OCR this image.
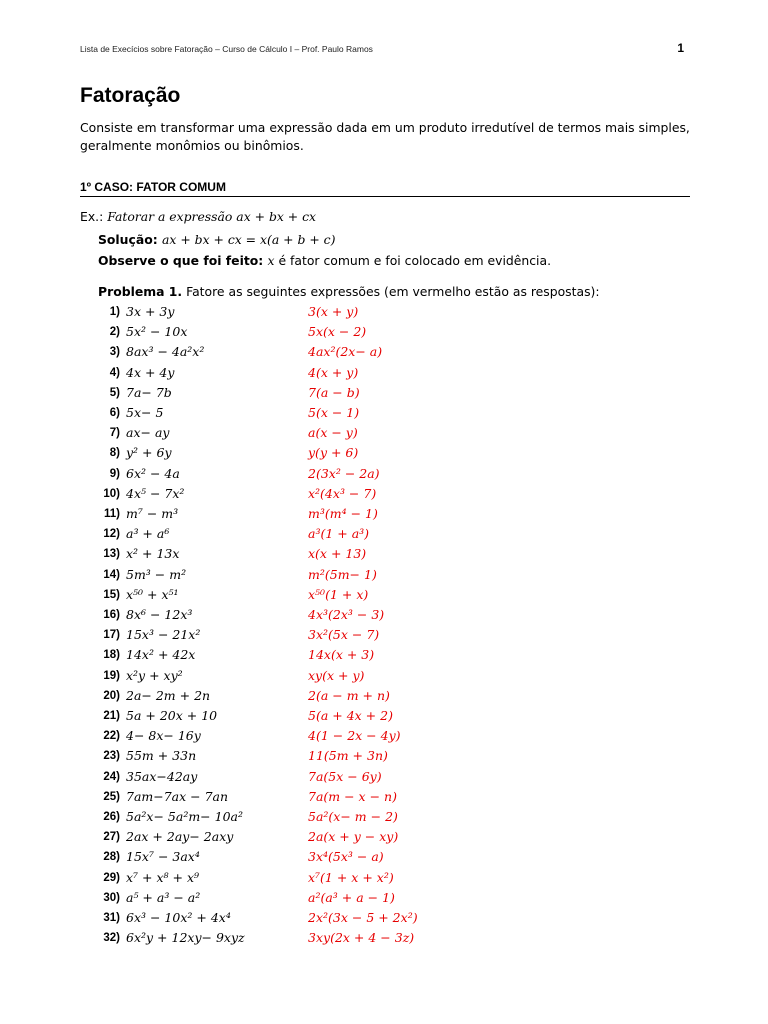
Lista de Execícios sobre Fatoração – Curso de Cálculo I – Prof. Paulo Ramos	1
Fatoração
Consiste em transformar uma expressão dada em um produto irredutível de termos mais simples, geralmente monômios ou binômios.
1º CASO: FATOR COMUM
Ex.: Fatorar a expressão ax + bx + cx
Solução: ax + bx + cx = x(a + b + c)
Observe o que foi feito: x é fator comum e foi colocado em evidência.
Problema 1. Fatore as seguintes expressões (em vermelho estão as respostas):
1) 3x + 3y	3(x + y)
2) 5x² − 10x	5x(x − 2)
3) 8ax³ − 4a²x²	4ax²(2x− a)
4) 4x + 4y	4(x + y)
5) 7a− 7b	7(a − b)
6) 5x− 5	5(x − 1)
7) ax− ay	a(x − y)
8) y² + 6y	y(y + 6)
9) 6x² − 4a	2(3x² − 2a)
10) 4x⁵ − 7x²	x²(4x³ − 7)
11) m⁷ − m³	m³(m⁴ − 1)
12) a³ + a⁶	a³(1 + a³)
13) x² + 13x	x(x + 13)
14) 5m³ − m²	m²(5m− 1)
15) x⁵⁰ + x⁵¹	x⁵⁰(1 + x)
16) 8x⁶ − 12x³	4x³(2x³ − 3)
17) 15x³ − 21x²	3x²(5x − 7)
18) 14x² + 42x	14x(x + 3)
19) x²y + xy²	xy(x + y)
20) 2a− 2m + 2n	2(a − m + n)
21) 5a + 20x + 10	5(a + 4x + 2)
22) 4− 8x− 16y	4(1 − 2x − 4y)
23) 55m + 33n	11(5m + 3n)
24) 35ax−42ay	7a(5x − 6y)
25) 7am−7ax − 7an	7a(m − x − n)
26) 5a²x− 5a²m− 10a²	5a²(x− m − 2)
27) 2ax + 2ay− 2axy	2a(x + y − xy)
28) 15x⁷ − 3ax⁴	3x⁴(5x³ − a)
29) x⁷ + x⁸ + x⁹	x⁷(1 + x + x²)
30) a⁵ + a³ − a²	a²(a³ + a − 1)
31) 6x³ − 10x² + 4x⁴	2x²(3x − 5 + 2x²)
32) 6x²y + 12xy− 9xyz	3xy(2x + 4 − 3z)
